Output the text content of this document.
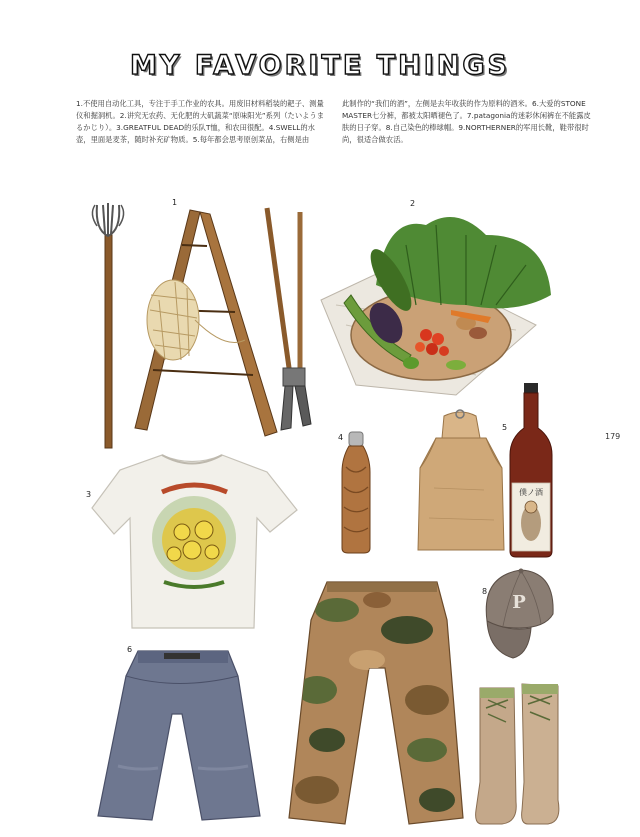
MY FAVORITE THINGS
1.不使用自动化工具，专注于手工作业的农具。用废旧材料稻装的耙子、测量仪和掘洞机。2.讲究无农药、无化肥的大矶蔬菜“原味阳光”系列（たいようまるかじり）。3.GREATFUL DEAD的乐队T恤，和农田很配。4.SWELL的水壶，里面是麦茶，随时补充矿物质。5.每年都会思考原创菜品，右侧是由
此制作的“我们的酒”，左侧是去年收获的作为原料的酒米。6.大爱的STONE MASTER七分裤，都被太阳晒褪色了。7.patagonia的迷彩休闲裤在不能露皮肤的日子穿。8.自己染色的棒球帽。9.NORTHERNER的军用长靴，鞋带很时尚，很适合做农活。
1	2
3
4
5
6
8
179
僕ノ酒
P
